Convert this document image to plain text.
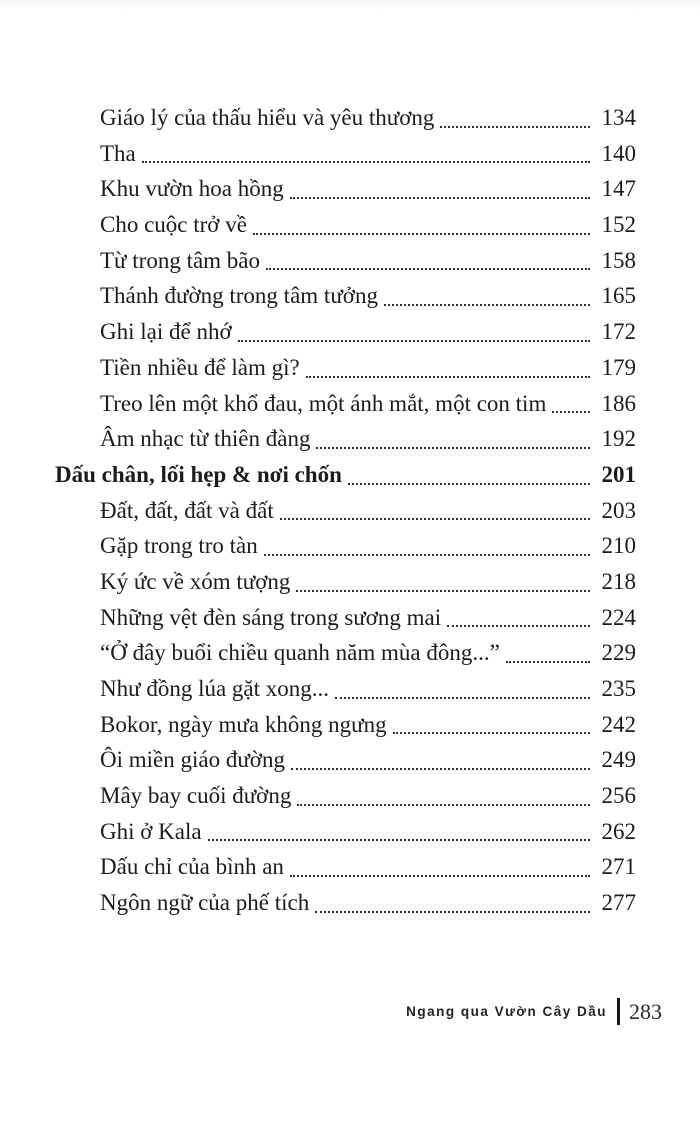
Giáo lý của thấu hiểu và yêu thương	134
Tha	140
Khu vườn hoa hồng	147
Cho cuộc trở về	152
Từ trong tâm bão	158
Thánh đường trong tâm tưởng	165
Ghi lại để nhớ	172
Tiền nhiều để làm gì?	179
Treo lên một khổ đau, một ánh mắt, một con tim	186
Âm nhạc từ thiên đàng	192
Dấu chân, lối hẹp & nơi chốn	201
Đất, đất, đất và đất	203
Gặp trong tro tàn	210
Ký ức về xóm tượng	218
Những vệt đèn sáng trong sương mai	224
“Ở đây buổi chiều quanh năm mùa đông...”	229
Như đồng lúa gặt xong...	235
Bokor, ngày mưa không ngưng	242
Ôi miền giáo đường	249
Mây bay cuối đường	256
Ghi ở Kala	262
Dấu chỉ của bình an	271
Ngôn ngữ của phế tích	277
Ngang qua Vườn Cây Dầu 283
